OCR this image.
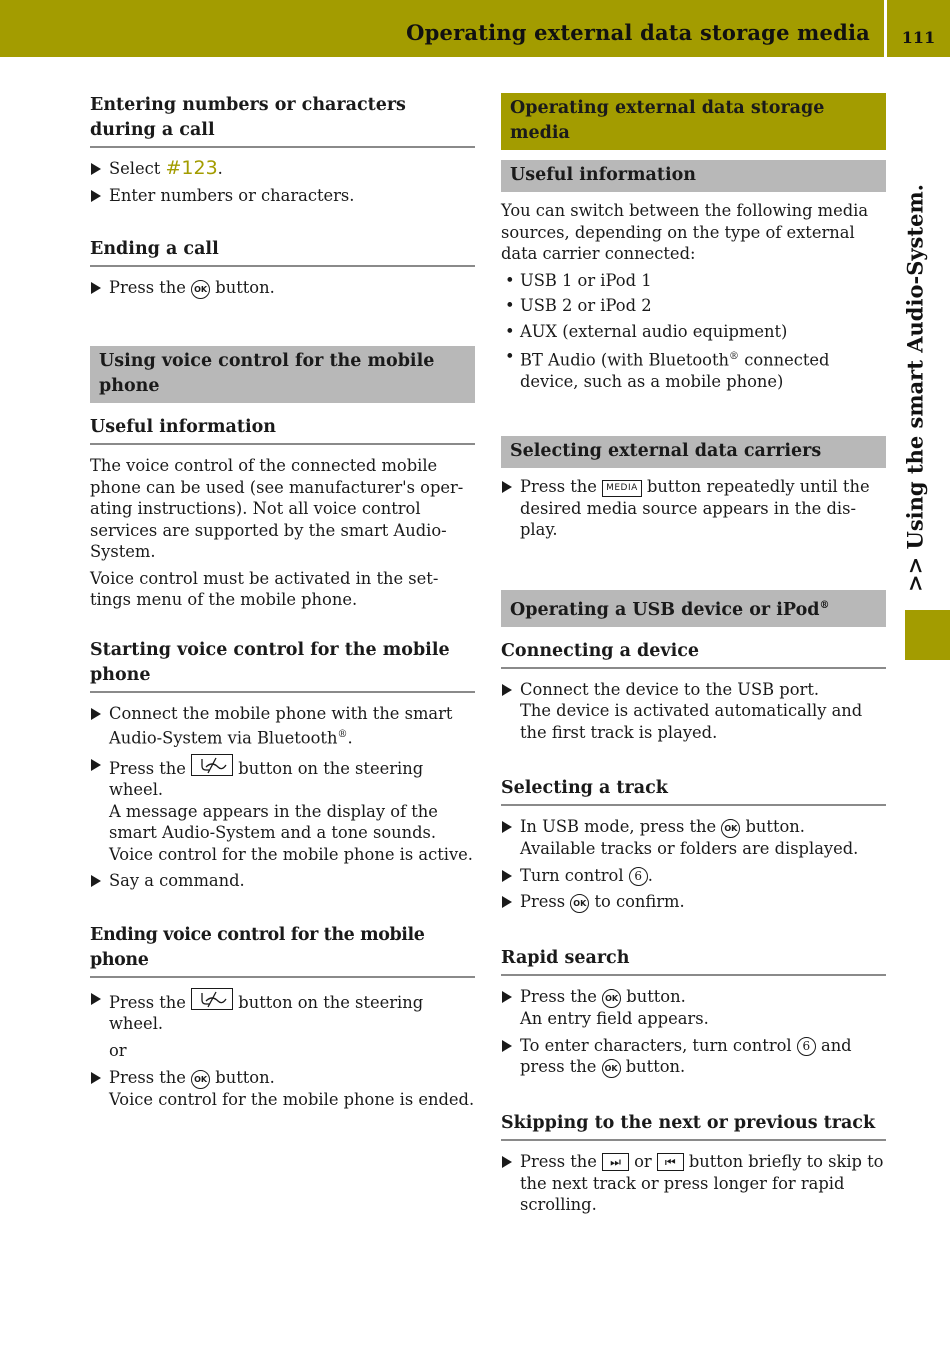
Operating external data storage media	111
>> Using the smart Audio-System.
Entering numbers or characters during a call
Select #123.
Enter numbers or characters.
Ending a call
Press the OK button.
Using voice control for the mobile phone
Useful information

The voice control of the connected mobile phone can be used (see manufacturer's oper-ating instructions). Not all voice control services are supported by the smart Audio-System.

Voice control must be activated in the set-tings menu of the mobile phone.

Starting voice control for the mobile phone
Connect the mobile phone with the smart Audio-System via Bluetooth®.
Press the	button on the steering wheel.
A message appears in the display of the smart Audio-System and a tone sounds.
Voice control for the mobile phone is active.
Say a command.
Ending voice control for the mobile phone
Press the	button on the steering wheel.
or
Press the OK button.
Voice control for the mobile phone is ended.
Operating external data storage media
Useful information

You can switch between the following media sources, depending on the type of external data carrier connected:

• USB 1 or iPod 1
• USB 2 or iPod 2
• AUX (external audio equipment)
• BT Audio (with Bluetooth® connected device, such as a mobile phone)
Selecting external data carriers
Press the MEDIA button repeatedly until the desired media source appears in the dis-play.
Operating a USB device or iPod®
Connecting a device
Connect the device to the USB port.
The device is activated automatically and the first track is played.
Selecting a track
In USB mode, press the OK button.
Available tracks or folders are displayed.
Turn control 6 .
Press OK to confirm.
Rapid search
Press the OK button.
An entry field appears.
To enter characters, turn control 6 and press the OK button.
Skipping to the next or previous track
Press the ⏭ or ⏮ button briefly to skip to the next track or press longer for rapid scrolling.
